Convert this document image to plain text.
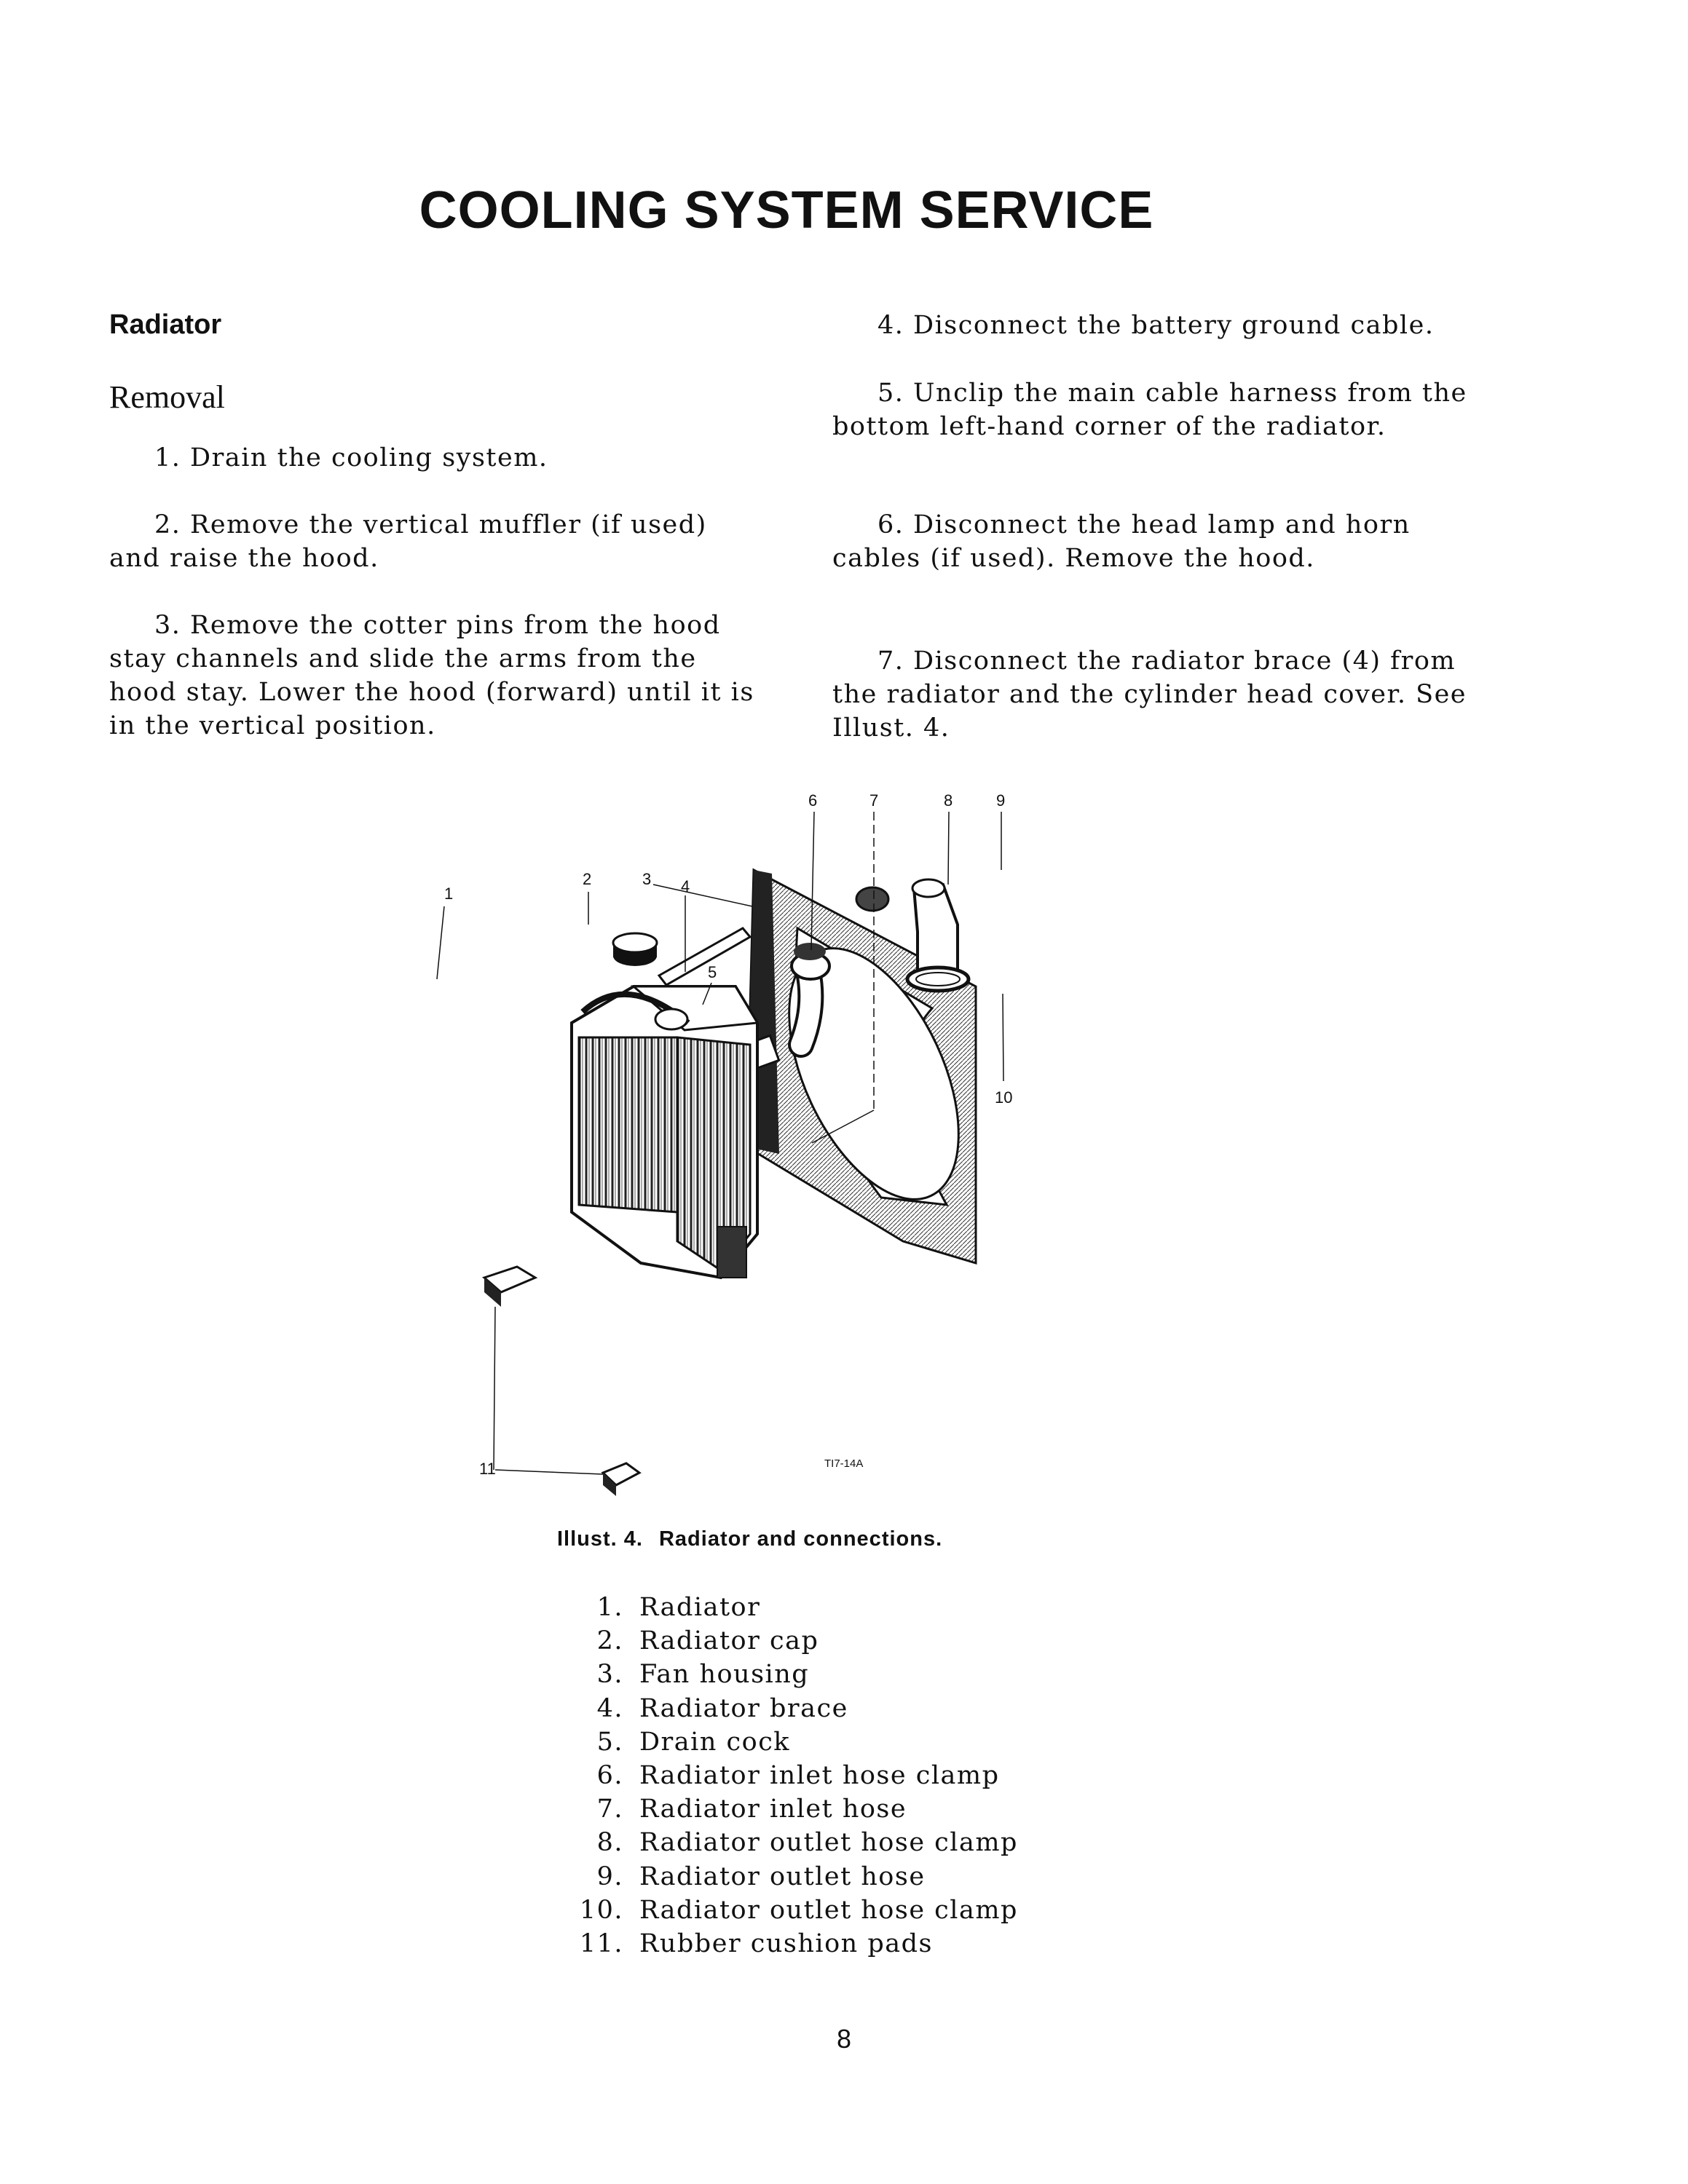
COOLING SYSTEM SERVICE
Radiator
Removal

1. Drain the cooling system.

2. Remove the vertical muffler (if used) and raise the hood.

3. Remove the cotter pins from the hood stay channels and slide the arms from the hood stay. Lower the hood (forward) until it is in the vertical position.

4. Disconnect the battery ground cable.

5. Unclip the main cable harness from the bottom left-hand corner of the radiator.

6. Disconnect the head lamp and horn cables (if used). Remove the hood.

7. Disconnect the radiator brace (4) from the radiator and the cylinder head cover. See Illust. 4.

1
2	3 4
5
6	7	8	9
10
11	TI7-14A
Illust. 4. Radiator and connections.
1. Radiator
2. Radiator cap
3. Fan housing
4. Radiator brace
5. Drain cock
6. Radiator inlet hose clamp
7. Radiator inlet hose
8. Radiator outlet hose clamp
9. Radiator outlet hose
10. Radiator outlet hose clamp
11. Rubber cushion pads
8
